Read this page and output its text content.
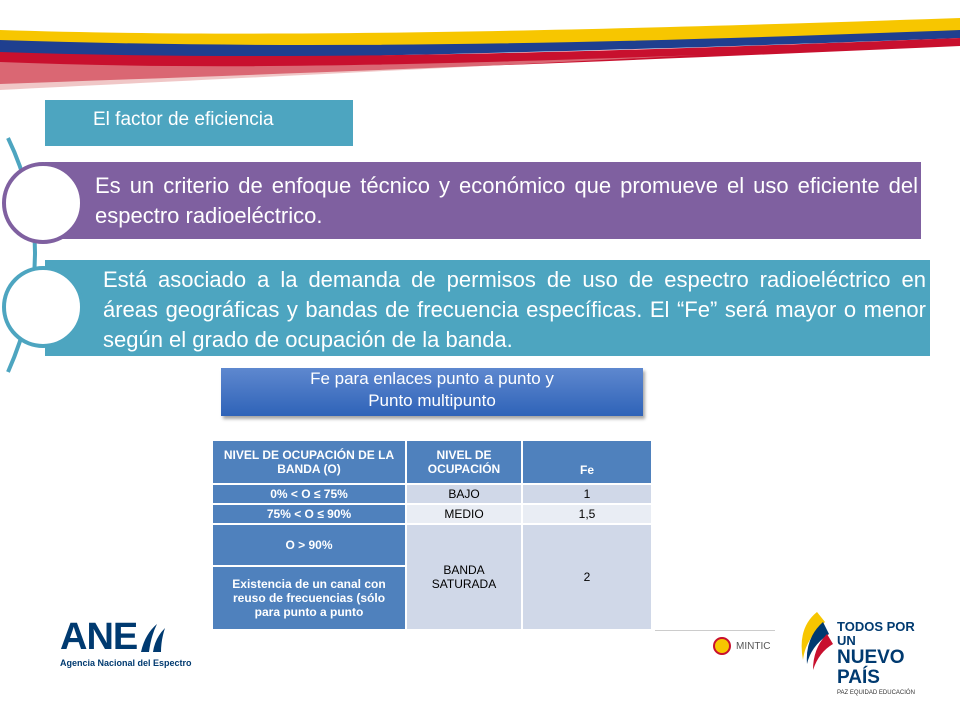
El factor de eficiencia
Es un criterio de enfoque técnico y económico que promueve el uso eficiente del espectro radioeléctrico.
Está asociado a la demanda de permisos de uso de espectro radioeléctrico en áreas geográficas y bandas de frecuencia específicas. El “Fe” será mayor o menor según el grado de ocupación de la banda.
Fe para enlaces punto a punto y
Punto multipunto
NIVEL DE OCUPACIÓN DE LA BANDA (O)	NIVEL DE OCUPACIÓN	Fe
0% < O ≤ 75%	BAJO	1
75% < O ≤ 90%	MEDIO	1,5
O > 90%	BANDA SATURADA	2
Existencia de un canal con reuso de frecuencias (sólo para punto a punto		
ANE
Agencia Nacional del Espectro
MINTIC
TODOS POR UN
NUEVO PAÍS
PAZ EQUIDAD EDUCACIÓN
